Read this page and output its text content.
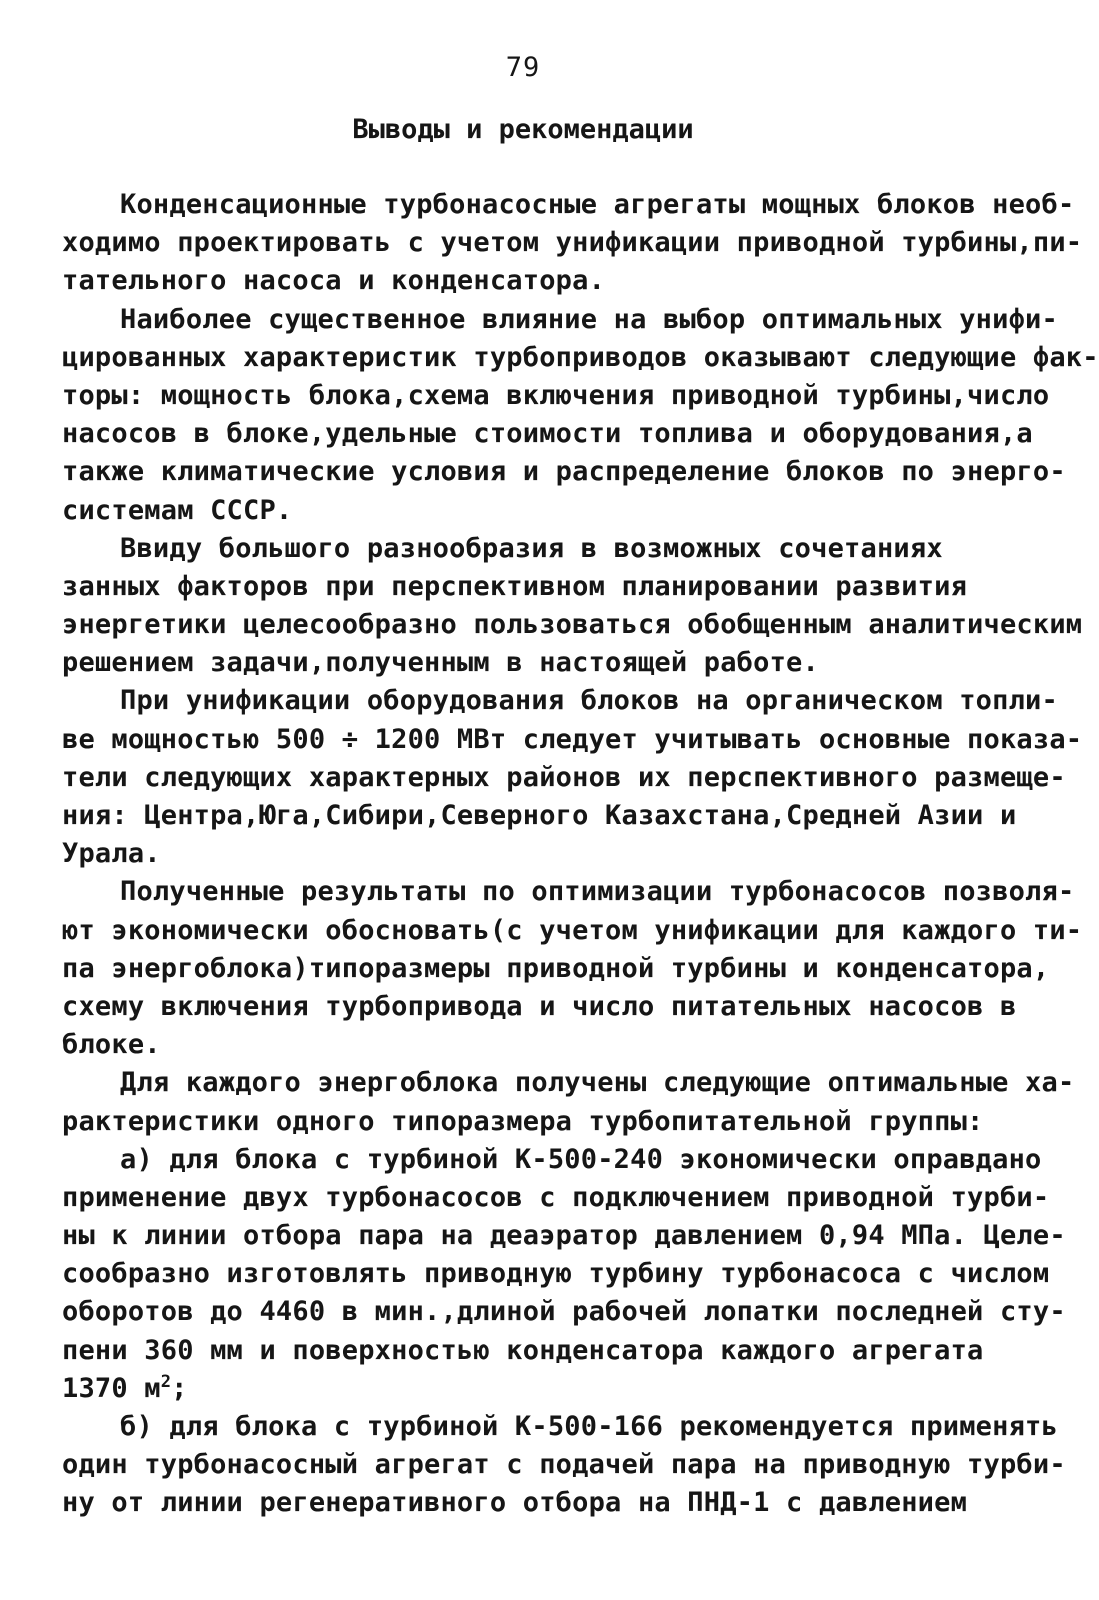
79
Выводы и рекомендации
Конденсационные турбонасосные агрегаты мощных блоков необ-
ходимо проектировать с учетом унификации приводной турбины,пи-
тательного насоса и конденсатора.
Наиболее существенное влияние на выбор оптимальных унифи-
цированных характеристик турбоприводов оказывают следующие фак-
торы: мощность блока,схема включения приводной турбины,число
насосов в блоке,удельные стоимости топлива и оборудования,а
также климатические условия и распределение блоков по энерго-
системам СССР.
Ввиду большого разнообразия в возможных сочетаниях
занных факторов при перспективном планировании развития
энергетики целесообразно пользоваться обобщенным аналитическим
решением задачи,полученным в настоящей работе.
При унификации оборудования блоков на органическом топли-
ве мощностью 500 ÷ 1200 МВт следует учитывать основные показа-
тели следующих характерных районов их перспективного размеще-
ния: Центра,Юга,Сибири,Северного Казахстана,Средней Азии и
Урала.
Полученные результаты по оптимизации турбонасосов позволя-
ют экономически обосновать(с учетом унификации для каждого ти-
па энергоблока)типоразмеры приводной турбины и конденсатора,
схему включения турбопривода и число питательных насосов в
блоке.
Для каждого энергоблока получены следующие оптимальные ха-
рактеристики одного типоразмера турбопитательной группы:
а) для блока с турбиной К-500-240 экономически оправдано
применение двух турбонасосов с подключением приводной турби-
ны к линии отбора пара на деаэратор давлением 0,94 МПа. Целе-
сообразно изготовлять приводную турбину турбонасоса с числом
оборотов до 4460 в мин.,длиной рабочей лопатки последней сту-
пени 360 мм и поверхностью конденсатора каждого агрегата
1370 $м^2$;
б) для блока с турбиной К-500-166 рекомендуется применять
один турбонасосный агрегат с подачей пара на приводную турби-
ну от линии регенеративного отбора на ПНД-1 с давлением
